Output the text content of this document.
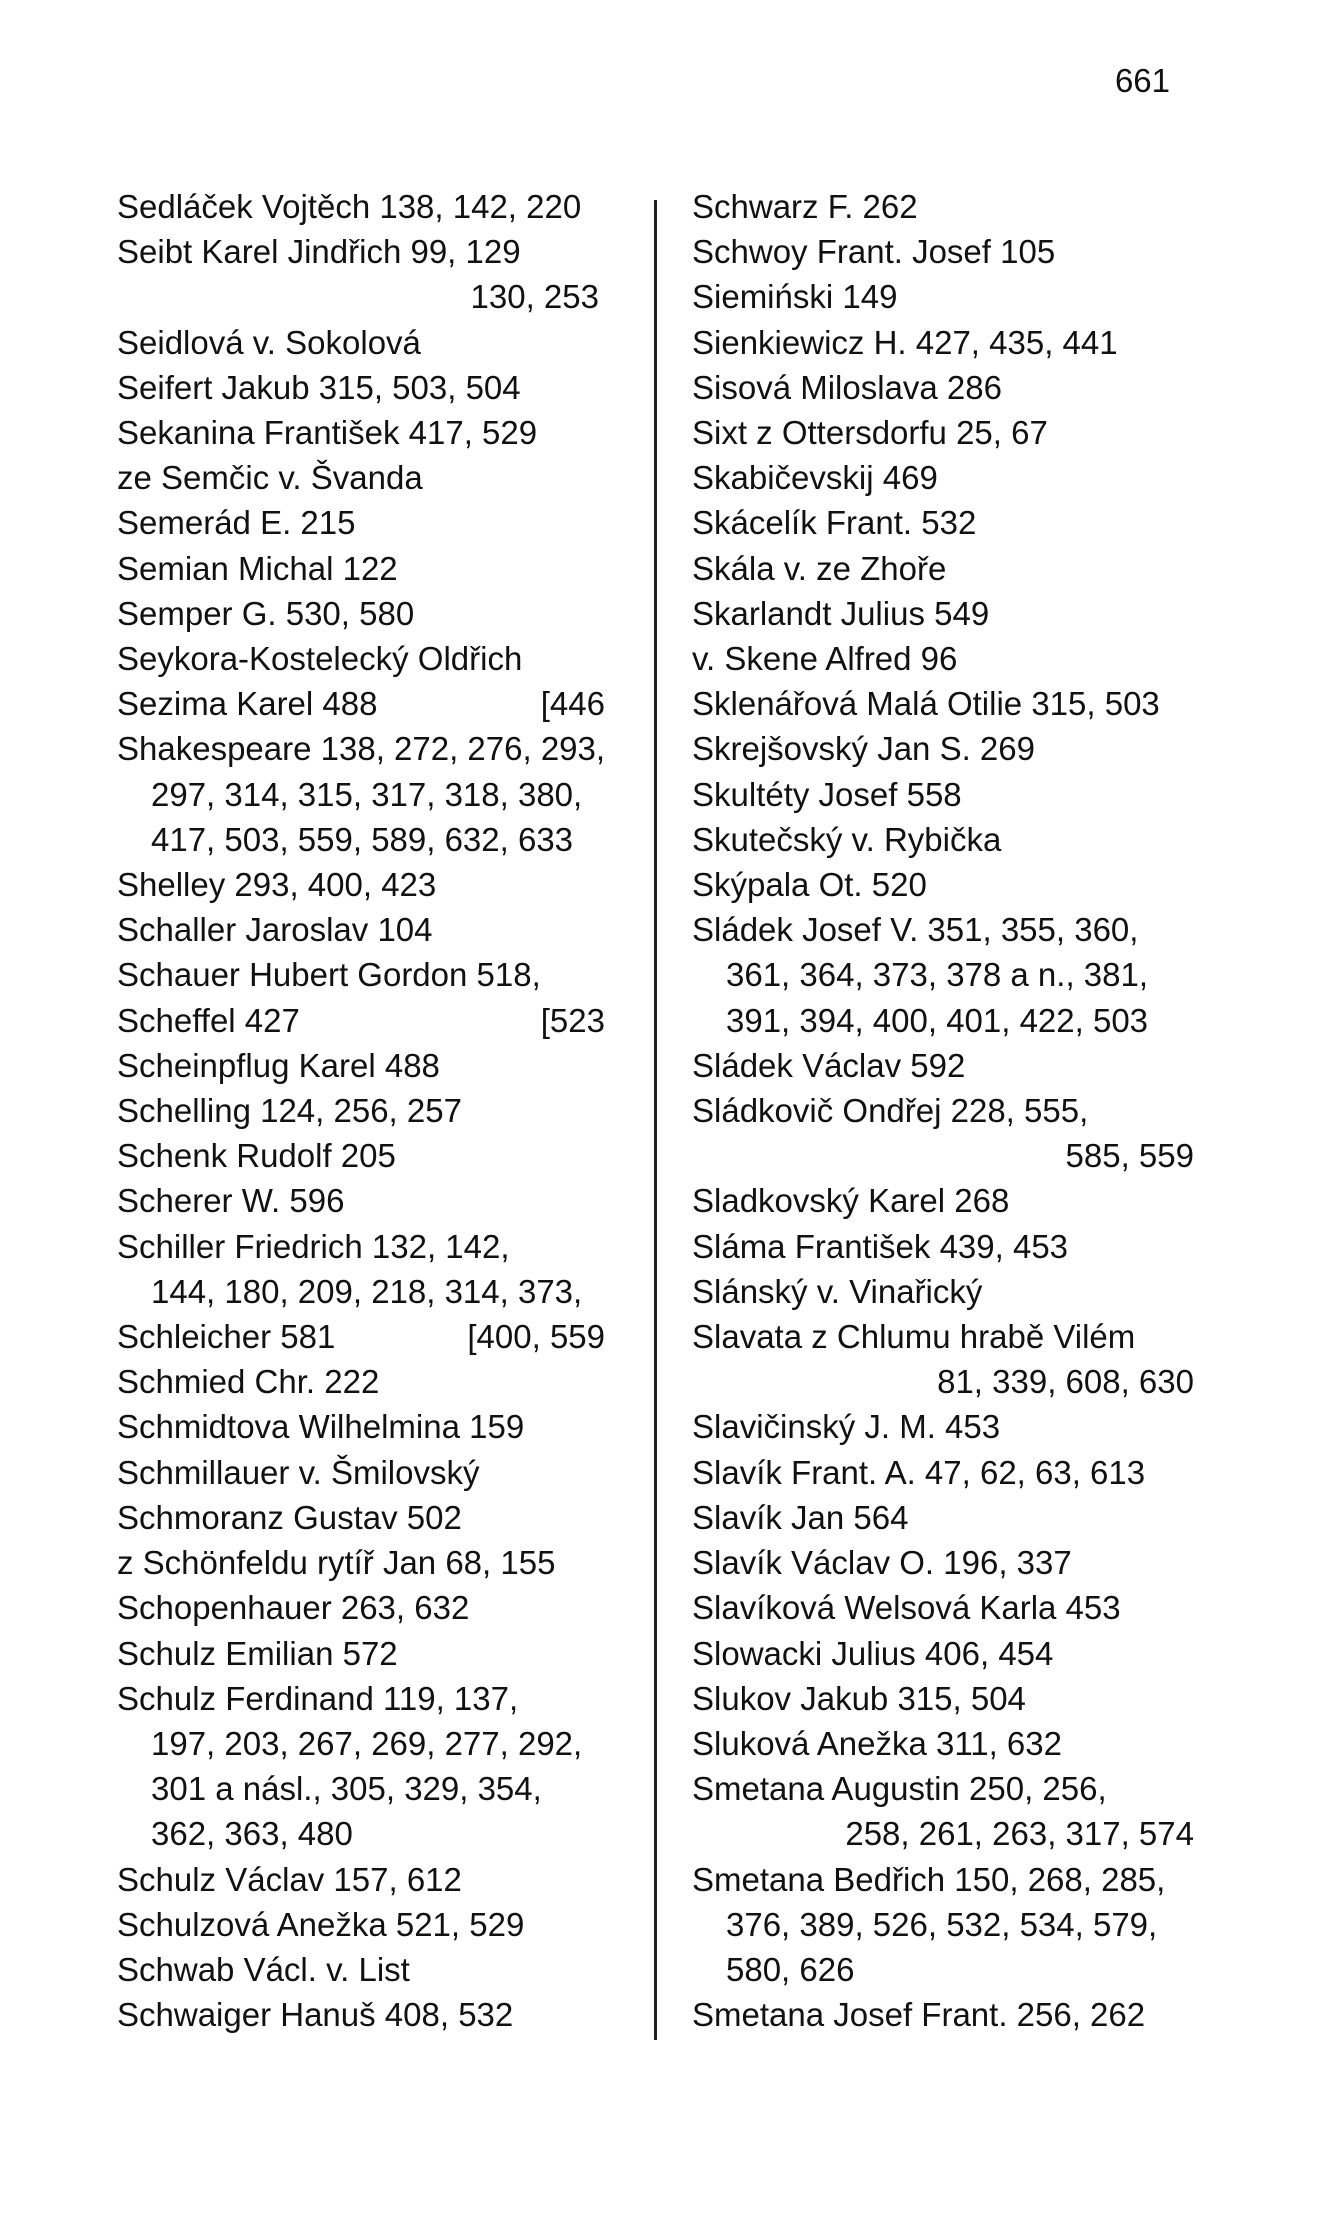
661
Sedláček Vojtěch 138, 142, 220
Seibt Karel Jindřich 99, 129
130, 253
Seidlová v. Sokolová
Seifert Jakub 315, 503, 504
Sekanina František 417, 529
ze Semčic v. Švanda
Semerád E. 215
Semian Michal 122
Semper G. 530, 580
Seykora-Kostelecký Oldřich
Sezima Karel 488	[446
Shakespeare 138, 272, 276, 293,
297, 314, 315, 317, 318, 380,
417, 503, 559, 589, 632, 633
Shelley 293, 400, 423
Schaller Jaroslav 104
Schauer Hubert Gordon 518,
Scheffel 427	[523
Scheinpflug Karel 488
Schelling 124, 256, 257
Schenk Rudolf 205
Scherer W. 596
Schiller Friedrich 132, 142,
144, 180, 209, 218, 314, 373,
Schleicher 581	[400, 559
Schmied Chr. 222
Schmidtova Wilhelmina 159
Schmillauer v. Šmilovský
Schmoranz Gustav 502
z Schönfeldu rytíř Jan 68, 155
Schopenhauer 263, 632
Schulz Emilian 572
Schulz Ferdinand 119, 137,
197, 203, 267, 269, 277, 292,
301 a násl., 305, 329, 354,
362, 363, 480
Schulz Václav 157, 612
Schulzová Anežka 521, 529
Schwab Václ. v. List
Schwaiger Hanuš 408, 532
Schwarz F. 262
Schwoy Frant. Josef 105
Siemiński 149
Sienkiewicz H. 427, 435, 441
Sisová Miloslava 286
Sixt z Ottersdorfu 25, 67
Skabičevskij 469
Skácelík Frant. 532
Skála v. ze Zhoře
Skarlandt Julius 549
v. Skene Alfred 96
Sklenářová Malá Otilie 315, 503
Skrejšovský Jan S. 269
Skultéty Josef 558
Skutečský v. Rybička
Skýpala Ot. 520
Sládek Josef V. 351, 355, 360,
361, 364, 373, 378 a n., 381,
391, 394, 400, 401, 422, 503
Sládek Václav 592
Sládkovič Ondřej 228, 555,
585, 559
Sladkovský Karel 268
Sláma František 439, 453
Slánský v. Vinařický
Slavata z Chlumu hrabě Vilém
81, 339, 608, 630
Slavičinský J. M. 453
Slavík Frant. A. 47, 62, 63, 613
Slavík Jan 564
Slavík Václav O. 196, 337
Slavíková Welsová Karla 453
Slowacki Julius 406, 454
Slukov Jakub 315, 504
Sluková Anežka 311, 632
Smetana Augustin 250, 256,
258, 261, 263, 317, 574
Smetana Bedřich 150, 268, 285,
376, 389, 526, 532, 534, 579,
580, 626
Smetana Josef Frant. 256, 262
